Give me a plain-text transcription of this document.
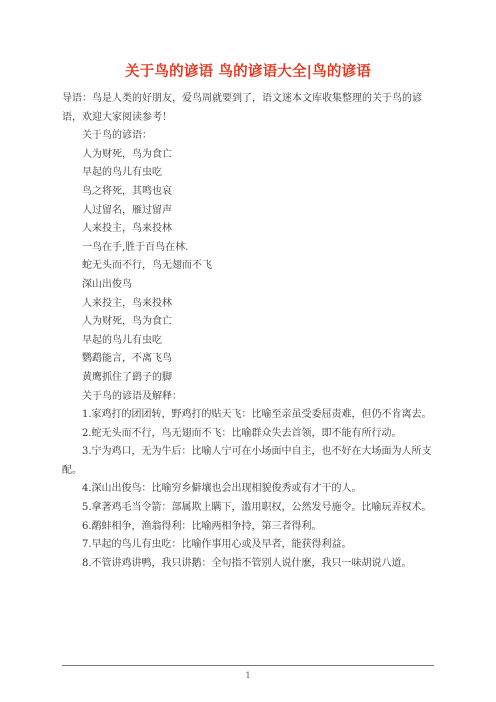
关于鸟的谚语 鸟的谚语大全|鸟的谚语

导语：鸟是人类的好朋友，爱鸟周就要到了，语文迷本文库收集整理的关于鸟的谚语，欢迎大家阅读参考！

关于鸟的谚语：

人为财死，鸟为食亡

早起的鸟儿有虫吃

鸟之将死，其鸣也哀

人过留名，雁过留声

人来投主，鸟来投林

一鸟在手,胜于百鸟在林.

蛇无头而不行，鸟无翅而不飞

深山出俊鸟

人来投主，鸟来投林

人为财死，鸟为食亡

早起的鸟儿有虫吃

鹦鹉能言，不离飞鸟

黄鹰抓住了鹞子的脚

关于鸟的谚语及解释：

1.家鸡打的团团转，野鸡打的贴天飞：比喻至亲虽受委屈责难，但仍不肯离去。

2.蛇无头而不行，鸟无翅而不飞：比喻群众失去首领，即不能有所行动。

3.宁为鸡口，无为牛后：比喻人宁可在小场面中自主，也不好在大场面为人所支配。

4.深山出俊鸟：比喻穷乡僻壤也会出现相貌俊秀或有才干的人。

5.拿著鸡毛当令箭：部属欺上瞒下，滥用职权，公然发号施令。比喻玩弄权术。

6.鹬蚌相争，渔翁得利：比喻两相争持，第三者得利。

7.早起的鸟儿有虫吃：比喻作事用心或及早者，能获得利益。

8.不管讲鸡讲鸭，我只讲鹅：全句指不管别人说什麽，我只一味胡说八道。

1
